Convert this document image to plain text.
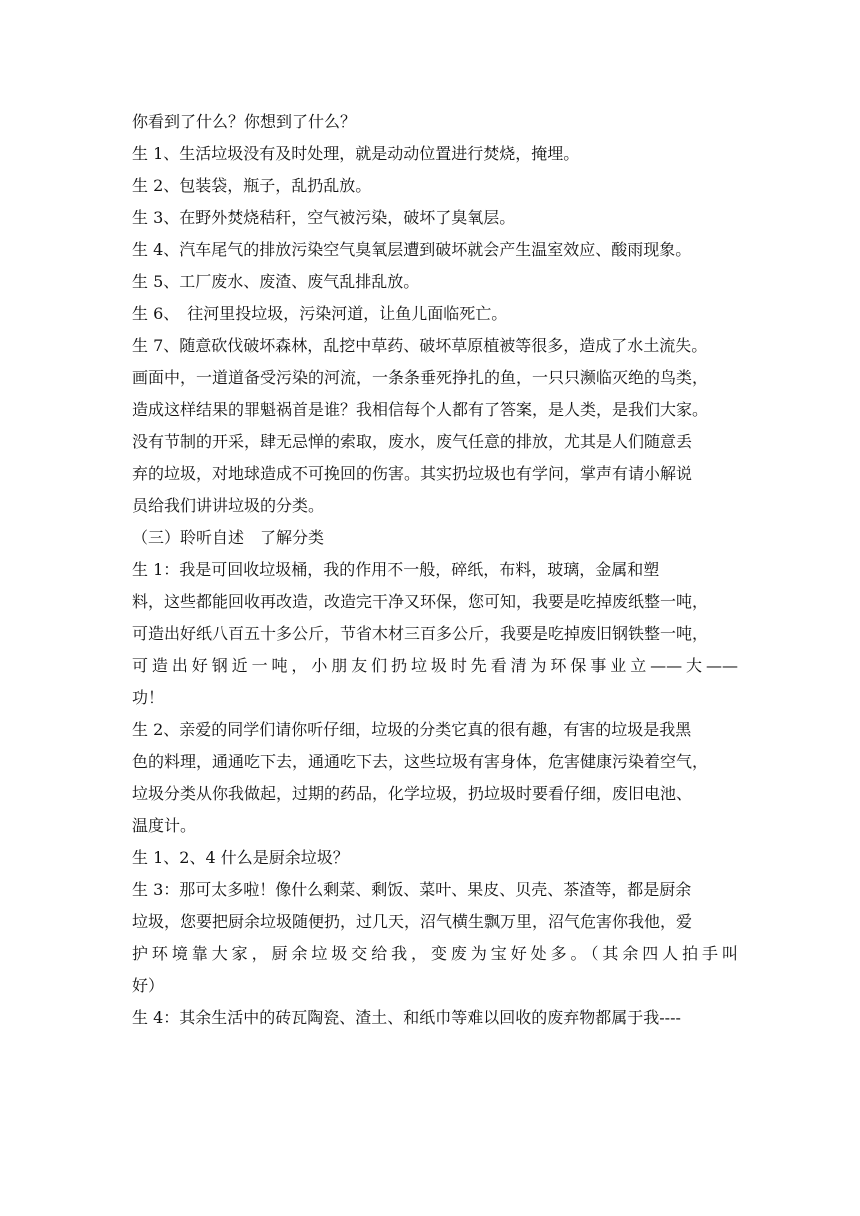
你看到了什么？你想到了什么？
生 1、生活垃圾没有及时处理，就是动动位置进行焚烧，掩埋。
生 2、包装袋，瓶子，乱扔乱放。
生 3、在野外焚烧秸秆，空气被污染，破坏了臭氧层。
生 4、汽车尾气的排放污染空气臭氧层遭到破坏就会产生温室效应、酸雨现象。
生 5、工厂废水、废渣、废气乱排乱放。
生 6、　往河里投垃圾，污染河道，让鱼儿面临死亡。
生 7、随意砍伐破坏森林，乱挖中草药、破坏草原植被等很多，造成了水土流失。
画面中，一道道备受污染的河流，一条条垂死挣扎的鱼，一只只濒临灭绝的鸟类，
造成这样结果的罪魁祸首是谁？我相信每个人都有了答案，是人类，是我们大家。
没有节制的开采，肆无忌惮的索取，废水，废气任意的排放，尤其是人们随意丢
弃的垃圾，对地球造成不可挽回的伤害。其实扔垃圾也有学问，掌声有请小解说
员给我们讲讲垃圾的分类。
（三）聆听自述　了解分类
生 1：我是可回收垃圾桶，我的作用不一般，碎纸，布料，玻璃，金属和塑
料，这些都能回收再改造，改造完干净又环保，您可知，我要是吃掉废纸整一吨，
可造出好纸八百五十多公斤，节省木材三百多公斤，我要是吃掉废旧钢铁整一吨，
可造出好钢近一吨，小朋友们扔垃圾时先看清为环保事业立——大——
功！
生 2、亲爱的同学们请你听仔细，垃圾的分类它真的很有趣，有害的垃圾是我黑
色的料理，通通吃下去，通通吃下去，这些垃圾有害身体，危害健康污染着空气，
垃圾分类从你我做起，过期的药品，化学垃圾，扔垃圾时要看仔细，废旧电池、
温度计。
生 1、2、4 什么是厨余垃圾？
生 3：那可太多啦！像什么剩菜、剩饭、菜叶、果皮、贝壳、茶渣等，都是厨余
垃圾，您要把厨余垃圾随便扔，过几天，沼气横生飘万里，沼气危害你我他，爱
护环境靠大家，厨余垃圾交给我，变废为宝好处多。（其余四人拍手叫
好）
生 4：其余生活中的砖瓦陶瓷、渣土、和纸巾等难以回收的废弃物都属于我----
